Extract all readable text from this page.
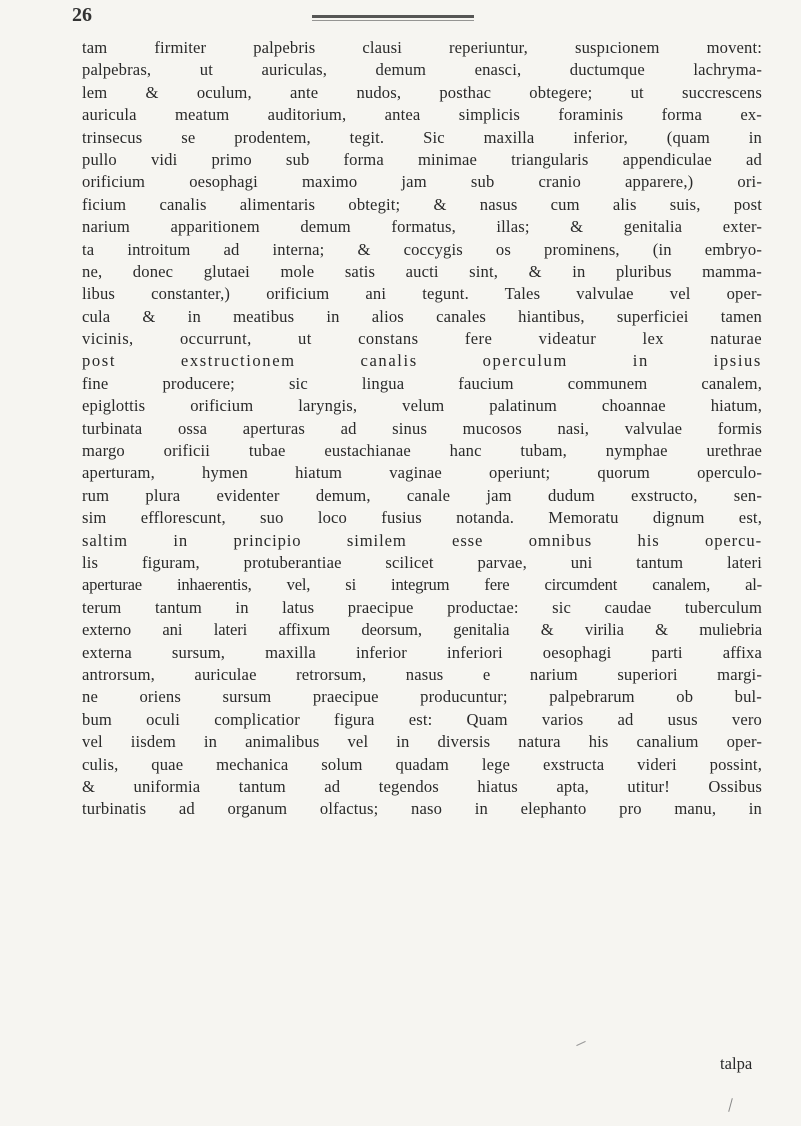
26
tam firmiter palpebris clausi reperiuntur, suspıcionem movent:
palpebras, ut auriculas, demum enasci, ductumque lachryma-
lem & oculum, ante nudos, posthac obtegere; ut succrescens
auricula meatum auditorium, antea simplicis foraminis forma ex-
trinsecus se prodentem, tegit. Sic maxilla inferior, (quam in
pullo vidi primo sub forma minimae triangularis appendiculae ad
orificium oesophagi maximo jam sub cranio apparere,) ori-
ficium canalis alimentaris obtegit; & nasus cum alis suis, post
narium apparitionem demum formatus, illas; & genitalia exter-
ta introitum ad interna; & coccygis os prominens, (in embryo-
ne, donec glutaei mole satis aucti sint, & in pluribus mamma-
libus constanter,) orificium ani tegunt. Tales valvulae vel oper-
cula & in meatibus in alios canales hiantibus, superficiei tamen
vicinis, occurrunt, ut constans fere videatur lex naturae
post exstructionem canalis operculum in ipsius
fine producere; sic lingua faucium communem canalem,
epiglottis orificium laryngis, velum palatinum choannae hiatum,
turbinata ossa aperturas ad sinus mucosos nasi, valvulae formis
margo orificii tubae eustachianae hanc tubam, nymphae urethrae
aperturam, hymen hiatum vaginae operiunt; quorum operculo-
rum plura evidenter demum, canale jam dudum exstructo, sen-
sim efflorescunt, suo loco fusius notanda. Memoratu dignum est,
saltim in principio similem esse omnibus his opercu-
lis figuram, protuberantiae scilicet parvae, uni tantum lateri
aperturae inhaerentis, vel, si integrum fere circumdent canalem, al-
terum tantum in latus praecipue productae: sic caudae tuberculum
externo ani lateri affixum deorsum, genitalia & virilia & muliebria
externa sursum, maxilla inferior inferiori oesophagi parti affixa
antrorsum, auriculae retrorsum, nasus e narium superiori margi-
ne oriens sursum praecipue producuntur; palpebrarum ob bul-
bum oculi complicatior figura est: Quam varios ad usus vero
vel iisdem in animalibus vel in diversis natura his canalium oper-
culis, quae mechanica solum quadam lege exstructa videri possint,
& uniformia tantum ad tegendos hiatus apta, utitur! Ossibus
turbinatis ad organum olfactus; naso in elephanto pro manu, in
talpa
